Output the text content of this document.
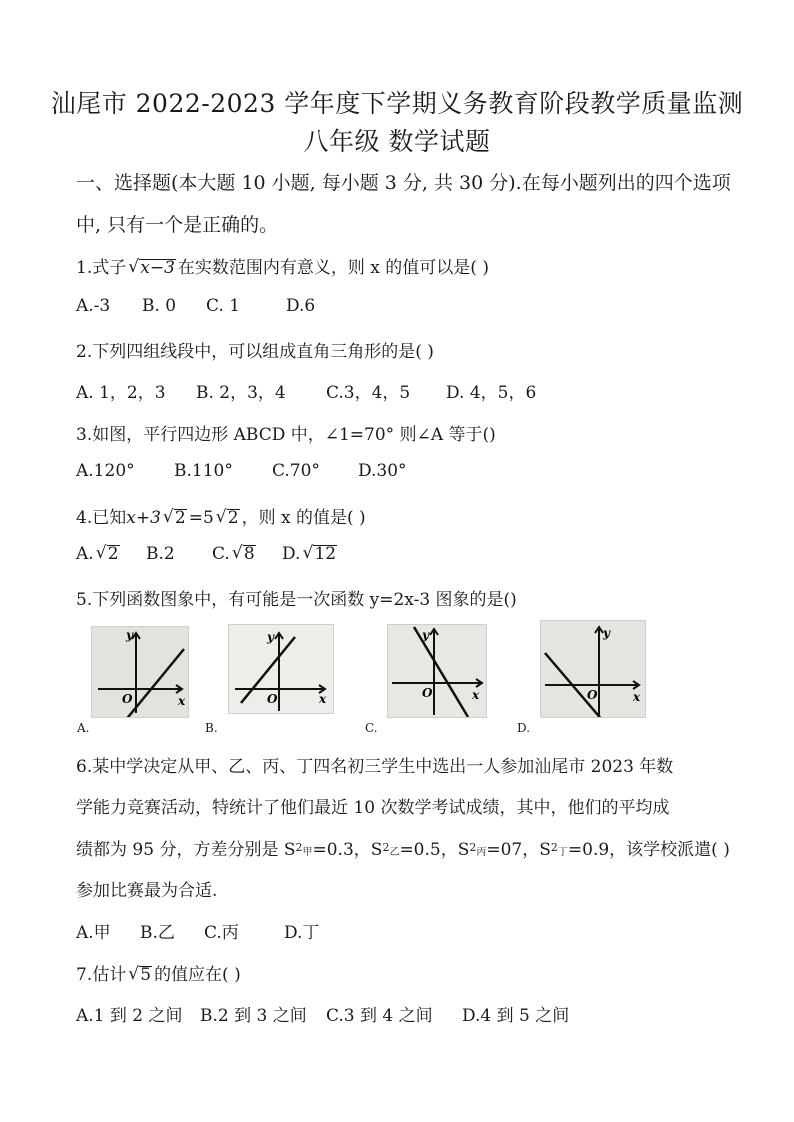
汕尾市 2022-2023 学年度下学期义务教育阶段教学质量监测
八年级 数学试题
一、选择题(本大题 10 小题, 每小题 3 分, 共 30 分).在每小题列出的四个选项
中, 只有一个是正确的。
1.式子 √ x−3 在实数范围内有意义，则 x 的值可以是( )
A.-3 B. 0 C. 1	D.6
2.下列四组线段中，可以组成直角三角形的是( )
A. 1，2，3 B. 2，3，4 C.3，4，5 D. 4，5，6
3.如图，平行四边形 ABCD 中，∠1=70° 则∠A 等于()
A.120° B.110° C.70° D.30°
4.已知x+3 √ 2 =5 √ 2 ，则 x 的值是( )
A. √ 2 B.2 C. √ 8 D. √ 12
5.下列函数图象中，有可能是一次函数 y=2x-3 图象的是()
y
x
O
A.
y
x
O
B.
y
x
O
C.
y
x
O
D.
6.某中学决定从甲、乙、丙、丁四名初三学生中选出一人参加汕尾市 2023 年数
学能力竞赛活动，特统计了他们最近 10 次数学考试成绩，其中，他们的平均成
绩都为 95 分，方差分别是 $S^2$甲=0.3，$S^2$乙=0.5，$S^2$丙=07，$S^2$丁=0.9，该学校派遣( )
参加比赛最为合适.
A.甲 B.乙 C.丙	D.丁
7.估计 √ 5 的值应在( )
A.1 到 2 之间 B.2 到 3 之间 C.3 到 4 之间 D.4 到 5 之间
